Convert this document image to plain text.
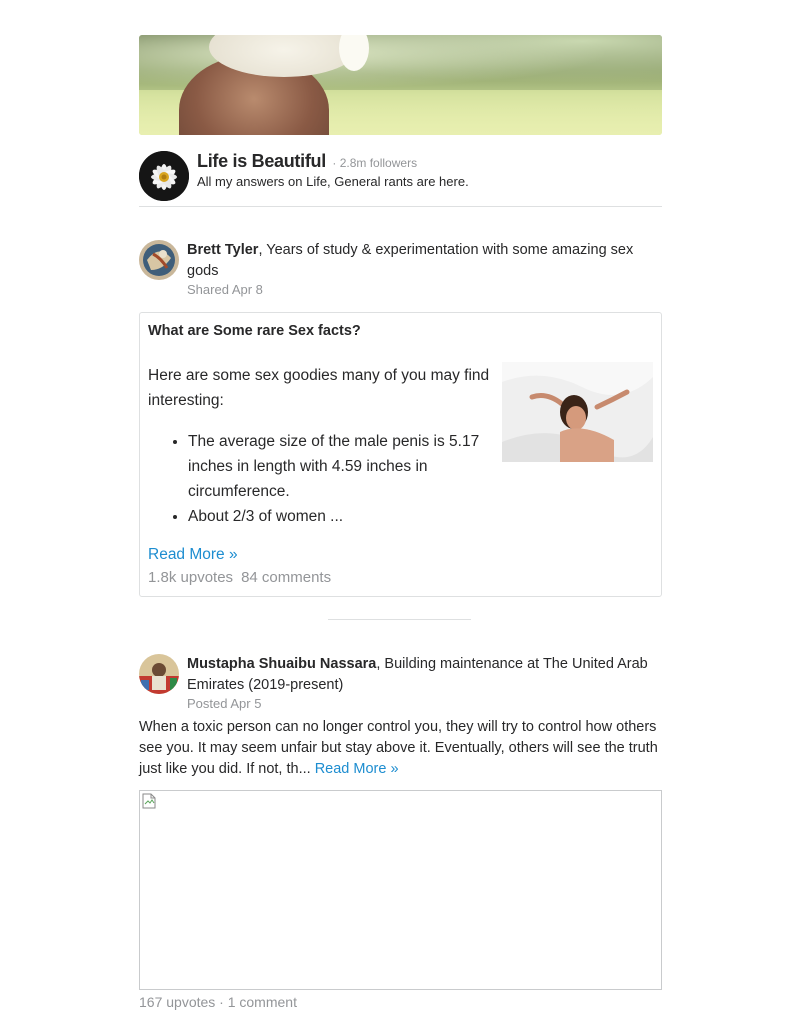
Life is Beautiful · 2.8m followers
All my answers on Life, General rants are here.
Brett Tyler, Years of study & experimentation with some amazing sex gods
Shared Apr 8
What are Some rare Sex facts?
Here are some sex goodies many of you may find interesting:
• The average size of the male penis is 5.17 inches in length with 4.59 inches in circumference.
• About 2/3 of women ...
Read More »
1.8k upvotes 84 comments
Mustapha Shuaibu Nassara, Building maintenance at The United Arab Emirates (2019-present)
Posted Apr 5
When a toxic person can no longer control you, they will try to control how others see you. It may seem unfair but stay above it. Eventually, others will see the truth just like you did. If not, th... Read More »
167 upvotes · 1 comment
